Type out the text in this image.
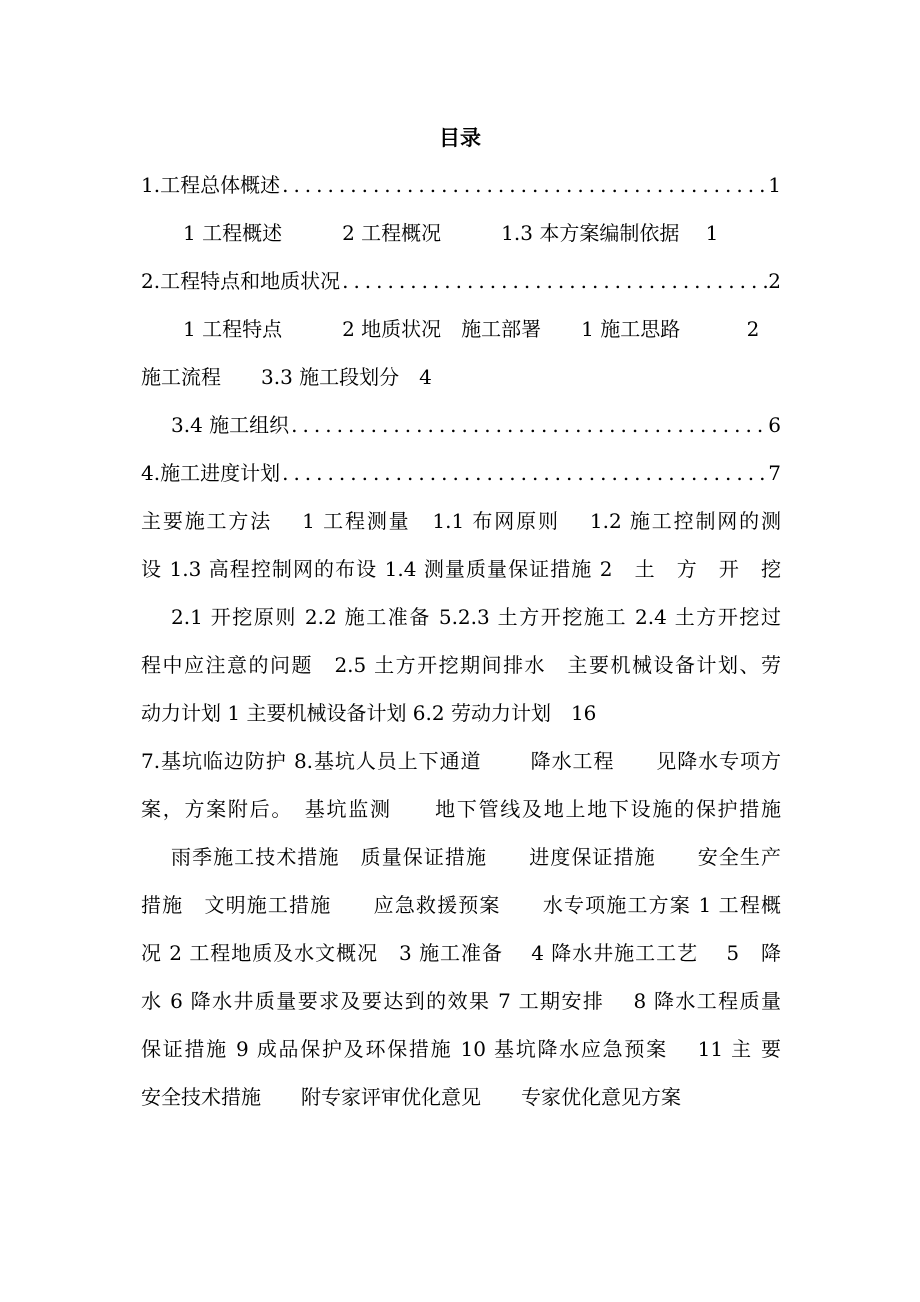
目录
1.工程总体概述 .....	1
1 工程概述　　　2 工程概况　　　1.3 本方案编制依据　 1
2.工程特点和地质状况 .....	2
1 工程特点　　　2 地质状况　施工部署　　1 施工思路　　　 2
施工流程　　3.3 施工段划分　4
3.4 施工组织 .....	6
4.施工进度计划 .....	7
主要施工方法　 1 工程测量　1.1 布网原则　 1.2 施工控制网的测
设 1.3 高程控制网的布设 1.4 测量质量保证措施 2　土　方　开　挖
2.1 开挖原则 2.2 施工准备 5.2.3 土方开挖施工 2.4 土方开挖过
程中应注意的问题　2.5 土方开挖期间排水　主要机械设备计划、劳
动力计划 1 主要机械设备计划 6.2 劳动力计划　16
7.基坑临边防护 8.基坑人员上下通道　　 降水工程　　见降水专项方
案，方案附后。　基坑监测　　地下管线及地上地下设施的保护措施
雨季施工技术措施　质量保证措施　　进度保证措施　　安全生产
措施　文明施工措施　　应急救援预案　　水专项施工方案 1 工程概
况 2 工程地质及水文概况　3 施工准备　 4 降水井施工工艺　 5　降
水 6 降水井质量要求及要达到的效果 7 工期安排　 8 降水工程质量
保证措施 9 成品保护及环保措施 10 基坑降水应急预案　 11 主 要
安全技术措施　　附专家评审优化意见　　专家优化意见方案
